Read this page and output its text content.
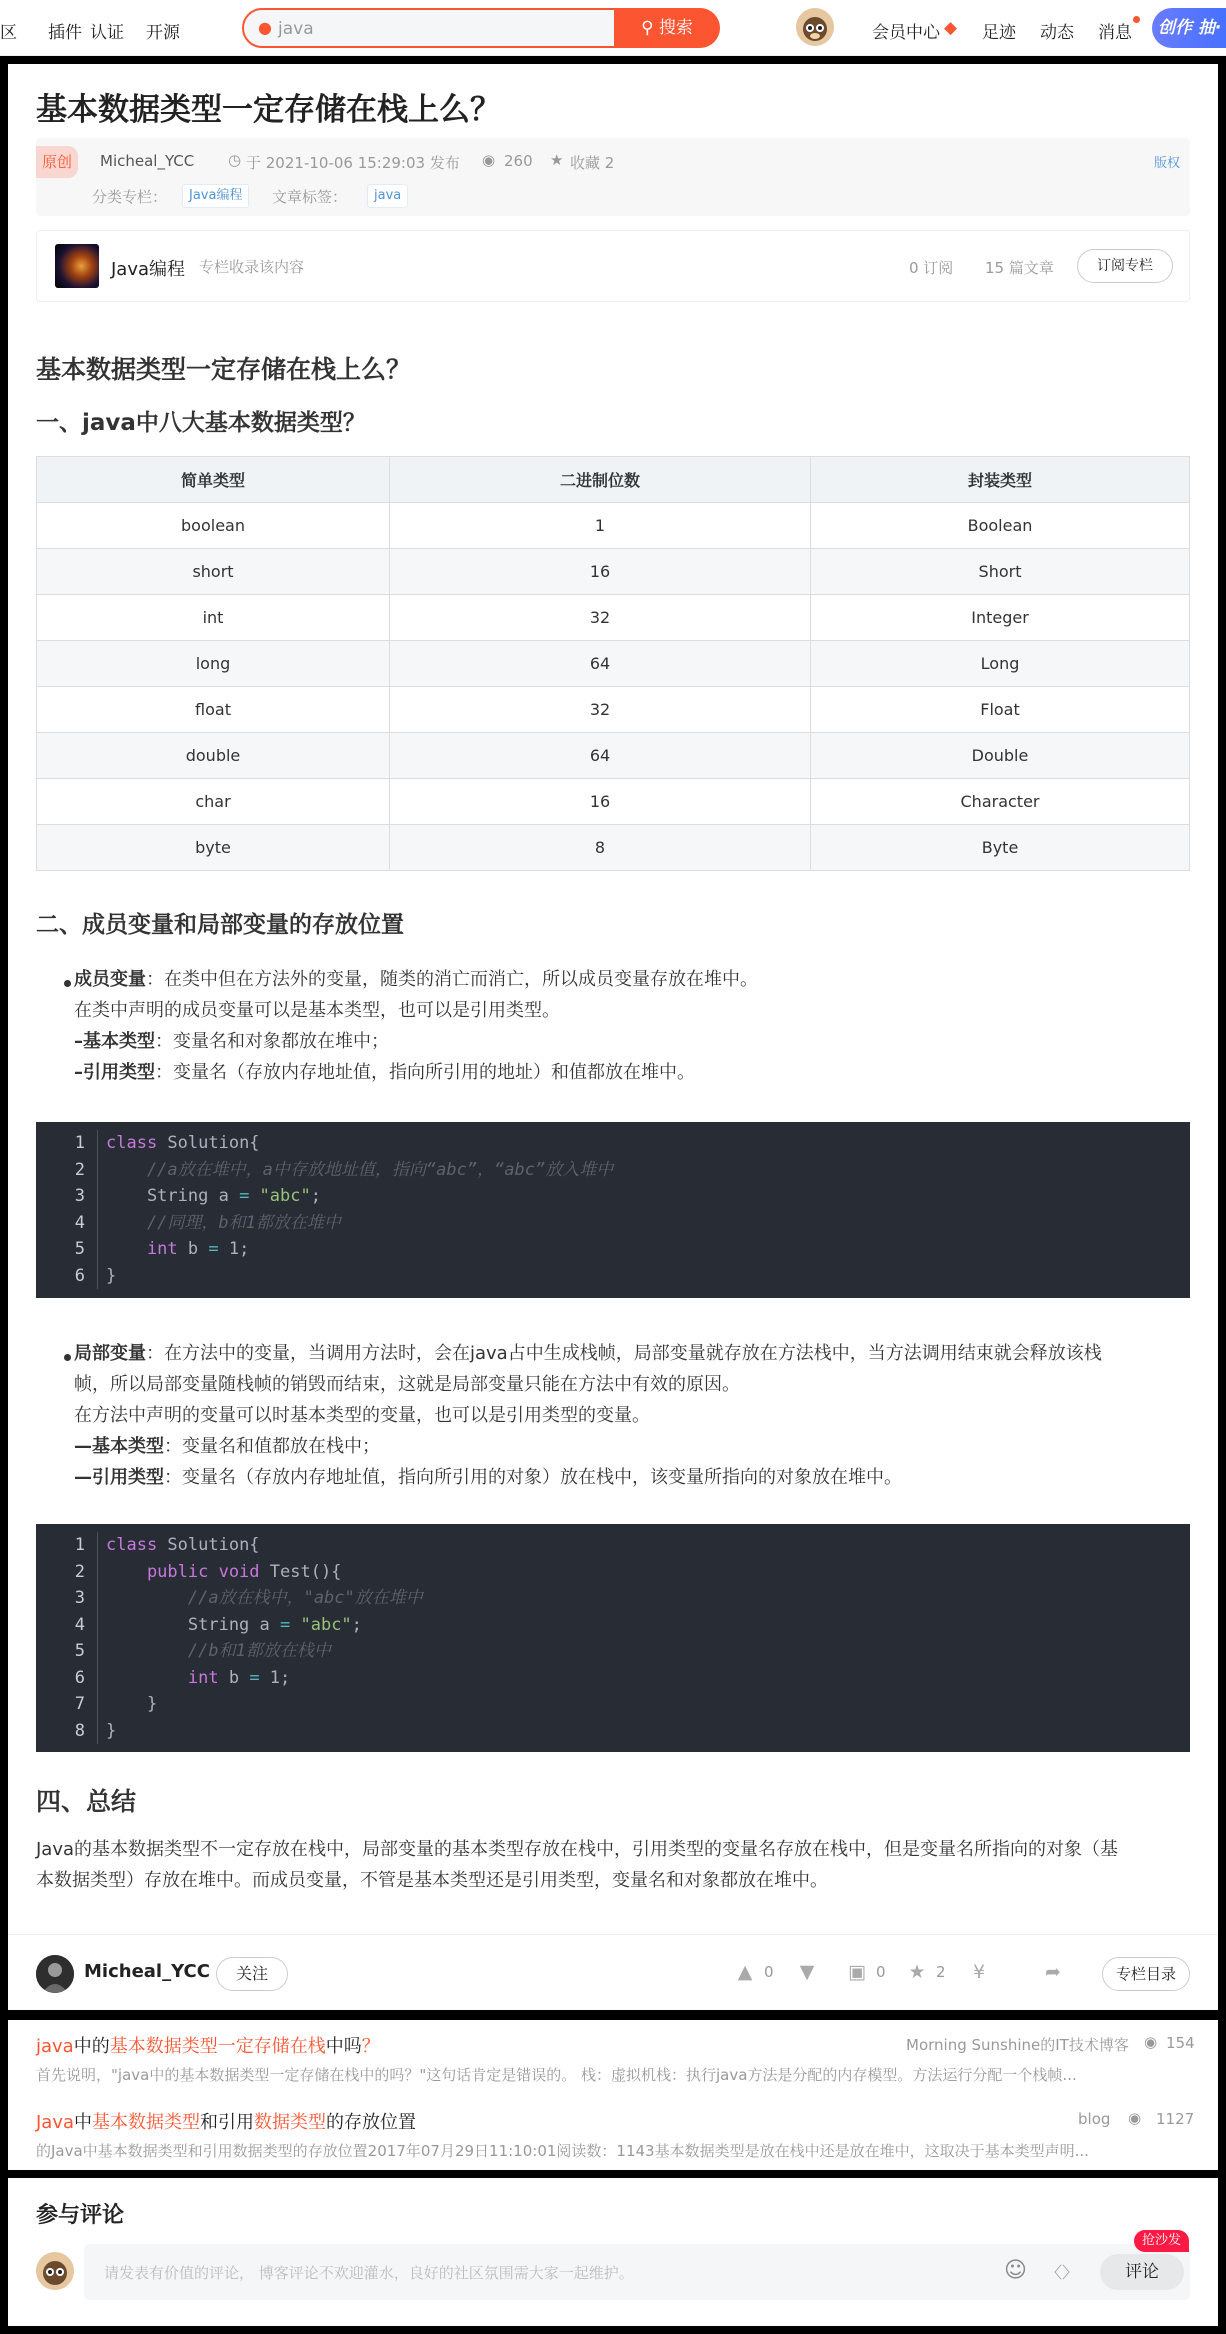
区 插件 认证 开源	● java	⚲ 搜索	会员中心 ◆ 足迹 动态 消息	创作 抽·
基本数据类型一定存储在栈上么？
原创	Micheal_YCC ◷ 于 2021-10-06 15:29:03 发布 ◉ 260 ★ 收藏 2	版权
分类专栏：	Java编程	文章标签：	java
Java编程 专栏收录该内容	0 订阅 15 篇文章	订阅专栏
基本数据类型一定存储在栈上么？
一、java中八大基本数据类型？
简单类型	二进制位数	封装类型
boolean	1	Boolean
short	16	Short
int	32	Integer
long	64	Long
float	32	Float
double	64	Double
char	16	Character
byte	8	Byte
二、成员变量和局部变量的存放位置
成员变量：在类中但在方法外的变量，随类的消亡而消亡，所以成员变量存放在堆中。
在类中声明的成员变量可以是基本类型，也可以是引用类型。
–基本类型：变量名和对象都放在堆中；
–引用类型：变量名（存放内存地址值，指向所引用的地址）和值都放在堆中。
1 class Solution{
2    //a放在堆中，a中存放地址值，指向“abc”，“abc”放入堆中
3    String a = "abc";
4    //同理，b和1都放在堆中
5    int b = 1;
6 }
局部变量：在方法中的变量，当调用方法时，会在java占中生成栈帧，局部变量就存放在方法栈中，当方法调用结束就会释放该栈
帧，所以局部变量随栈帧的销毁而结束，这就是局部变量只能在方法中有效的原因。
在方法中声明的变量可以时基本类型的变量，也可以是引用类型的变量。
—基本类型：变量名和值都放在栈中；
—引用类型：变量名（存放内存地址值，指向所引用的对象）放在栈中，该变量所指向的对象放在堆中。
1 class Solution{
2    public void Test(){
3        //a放在栈中，"abc"放在堆中
4        String a = "abc";
5        //b和1都放在栈中
6        int b = 1;
7    }
8 }
四、总结
Java的基本数据类型不一定存放在栈中，局部变量的基本类型存放在栈中，引用类型的变量名存放在栈中，但是变量名所指向的对象（基
本数据类型）存放在堆中。而成员变量，不管是基本类型还是引用类型，变量名和对象都放在堆中。
Micheal_YCC	关注	▲ 0 ▼ ▣ 0 ★ 2 ¥	➦	专栏目录
java中的基本数据类型一定存储在栈中吗？	Morning Sunshine的IT技术博客 ◉ 154
首先说明，"java中的基本数据类型一定存储在栈中的吗？"这句话肯定是错误的。 栈：虚拟机栈：执行java方法是分配的内存模型。方法运行分配一个栈帧...
Java中基本数据类型和引用数据类型的存放位置	blog ◉ 1127
的Java中基本数据类型和引用数据类型的存放位置2017年07月29日11:10:01阅读数：1143基本数据类型是放在栈中还是放在堆中，这取决于基本类型声明...
参与评论
请发表有价值的评论， 博客评论不欢迎灌水，良好的社区氛围需大家一起维护。	☺ 〈〉	评论
抢沙发
